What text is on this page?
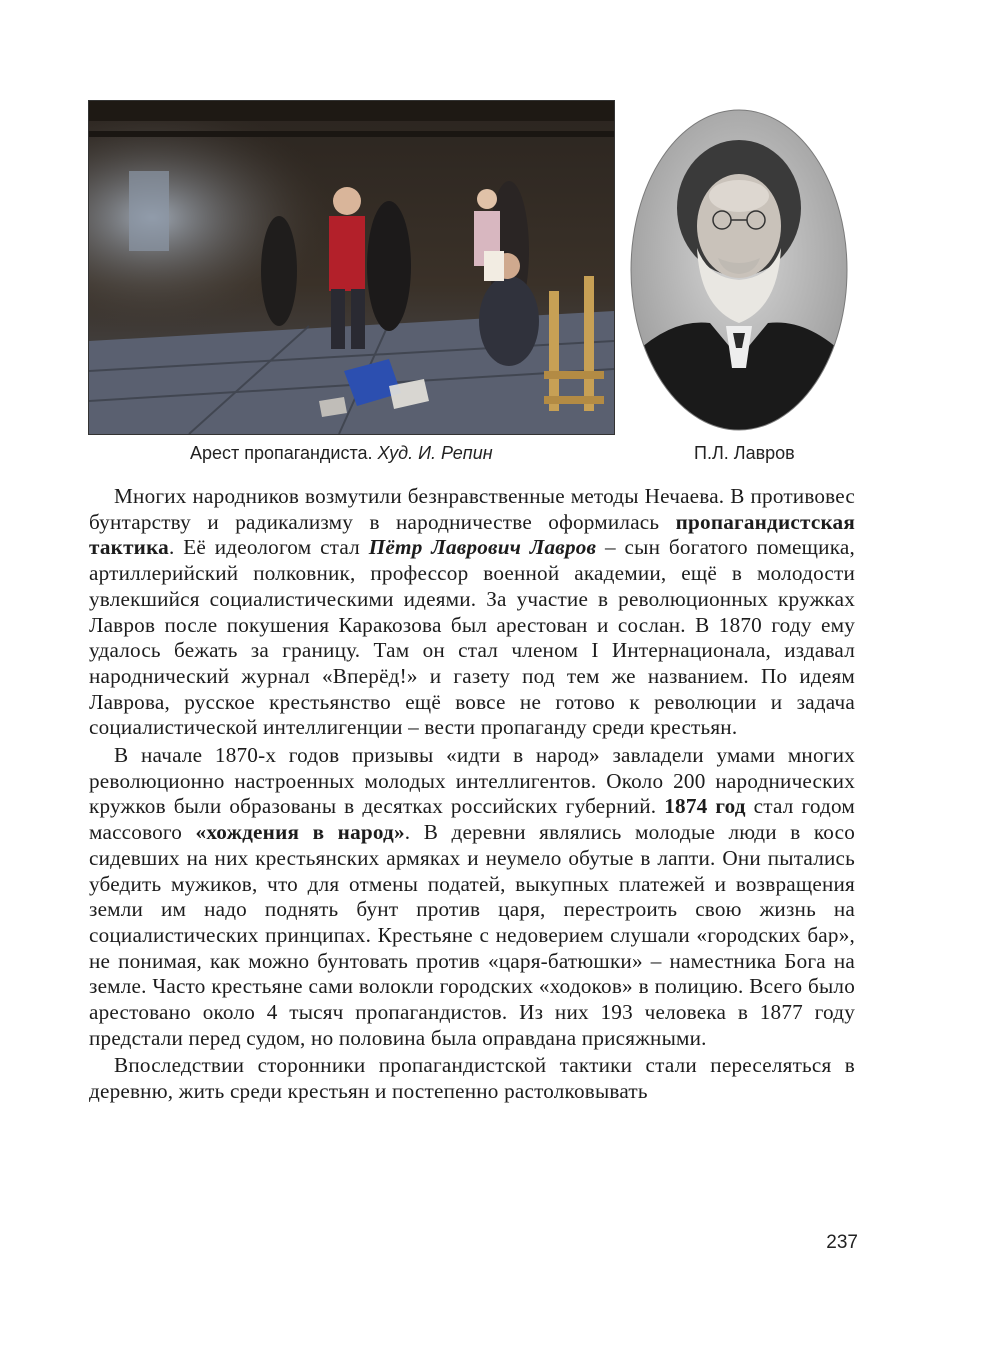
Арест пропагандиста. Худ. И. Репин	П.Л. Лавров

Многих народников возмутили безнравственные методы Нечаева. В противовес бунтарству и радикализму в народничестве оформилась пропагандистская тактика. Её идеологом стал Пётр Лаврович Лавров – сын богатого помещика, артиллерийский полковник, профессор военной академии, ещё в молодости увлекшийся социалистическими идеями. За участие в революционных кружках Лавров после покушения Каракозова был арестован и сослан. В 1870 году ему удалось бежать за границу. Там он стал членом I Интернационала, издавал народнический журнал «Вперёд!» и газету под тем же названием. По идеям Лаврова, русское крестьянство ещё вовсе не готово к революции и задача социалистической интеллигенции – вести пропаганду среди крестьян.

В начале 1870-х годов призывы «идти в народ» завладели умами многих революционно настроенных молодых интеллигентов. Около 200 народнических кружков были образованы в десятках российских губерний. 1874 год стал годом массового «хождения в народ». В деревни являлись молодые люди в косо сидевших на них крестьянских армяках и неумело обутые в лапти. Они пытались убедить мужиков, что для отмены податей, выкупных платежей и возвращения земли им надо поднять бунт против царя, перестроить свою жизнь на социалистических принципах. Крестьяне с недоверием слушали «городских бар», не понимая, как можно бунтовать против «царя-батюшки» – наместника Бога на земле. Часто крестьяне сами волокли городских «ходоков» в полицию. Всего было арестовано около 4 тысяч пропагандистов. Из них 193 человека в 1877 году предстали перед судом, но половина была оправдана присяжными.

Впоследствии сторонники пропагандистской тактики стали переселяться в деревню, жить среди крестьян и постепенно растолковывать

237
